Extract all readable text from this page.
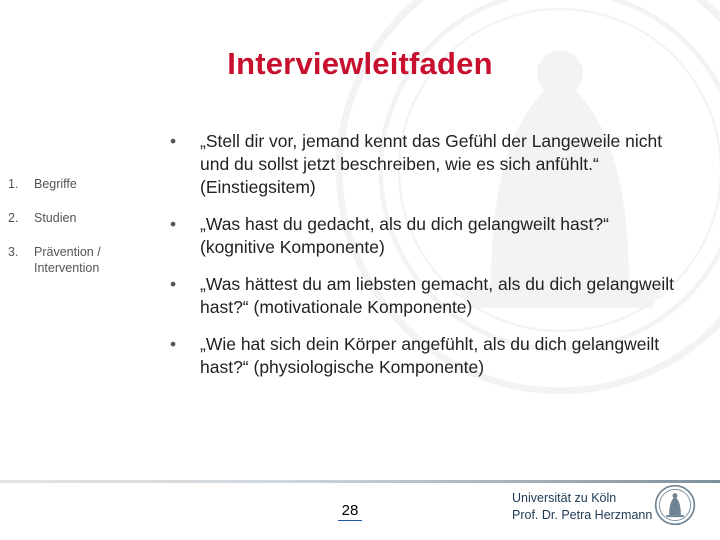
Interviewleitfaden
1. Begriffe
2. Studien
3. Prävention / Intervention
• „Stell dir vor, jemand kennt das Gefühl der Langeweile nicht und du sollst jetzt beschreiben, wie es sich anfühlt.“ (Einstiegsitem)
• „Was hast du gedacht, als du dich gelangweilt hast?“ (kognitive Komponente)
• „Was hättest du am liebsten gemacht, als du dich gelangweilt hast?“ (motivationale Komponente)
• „Wie hat sich dein Körper angefühlt, als du dich gelangweilt hast?“ (physiologische Komponente)
28
Universität zu Köln
Prof. Dr. Petra Herzmann
